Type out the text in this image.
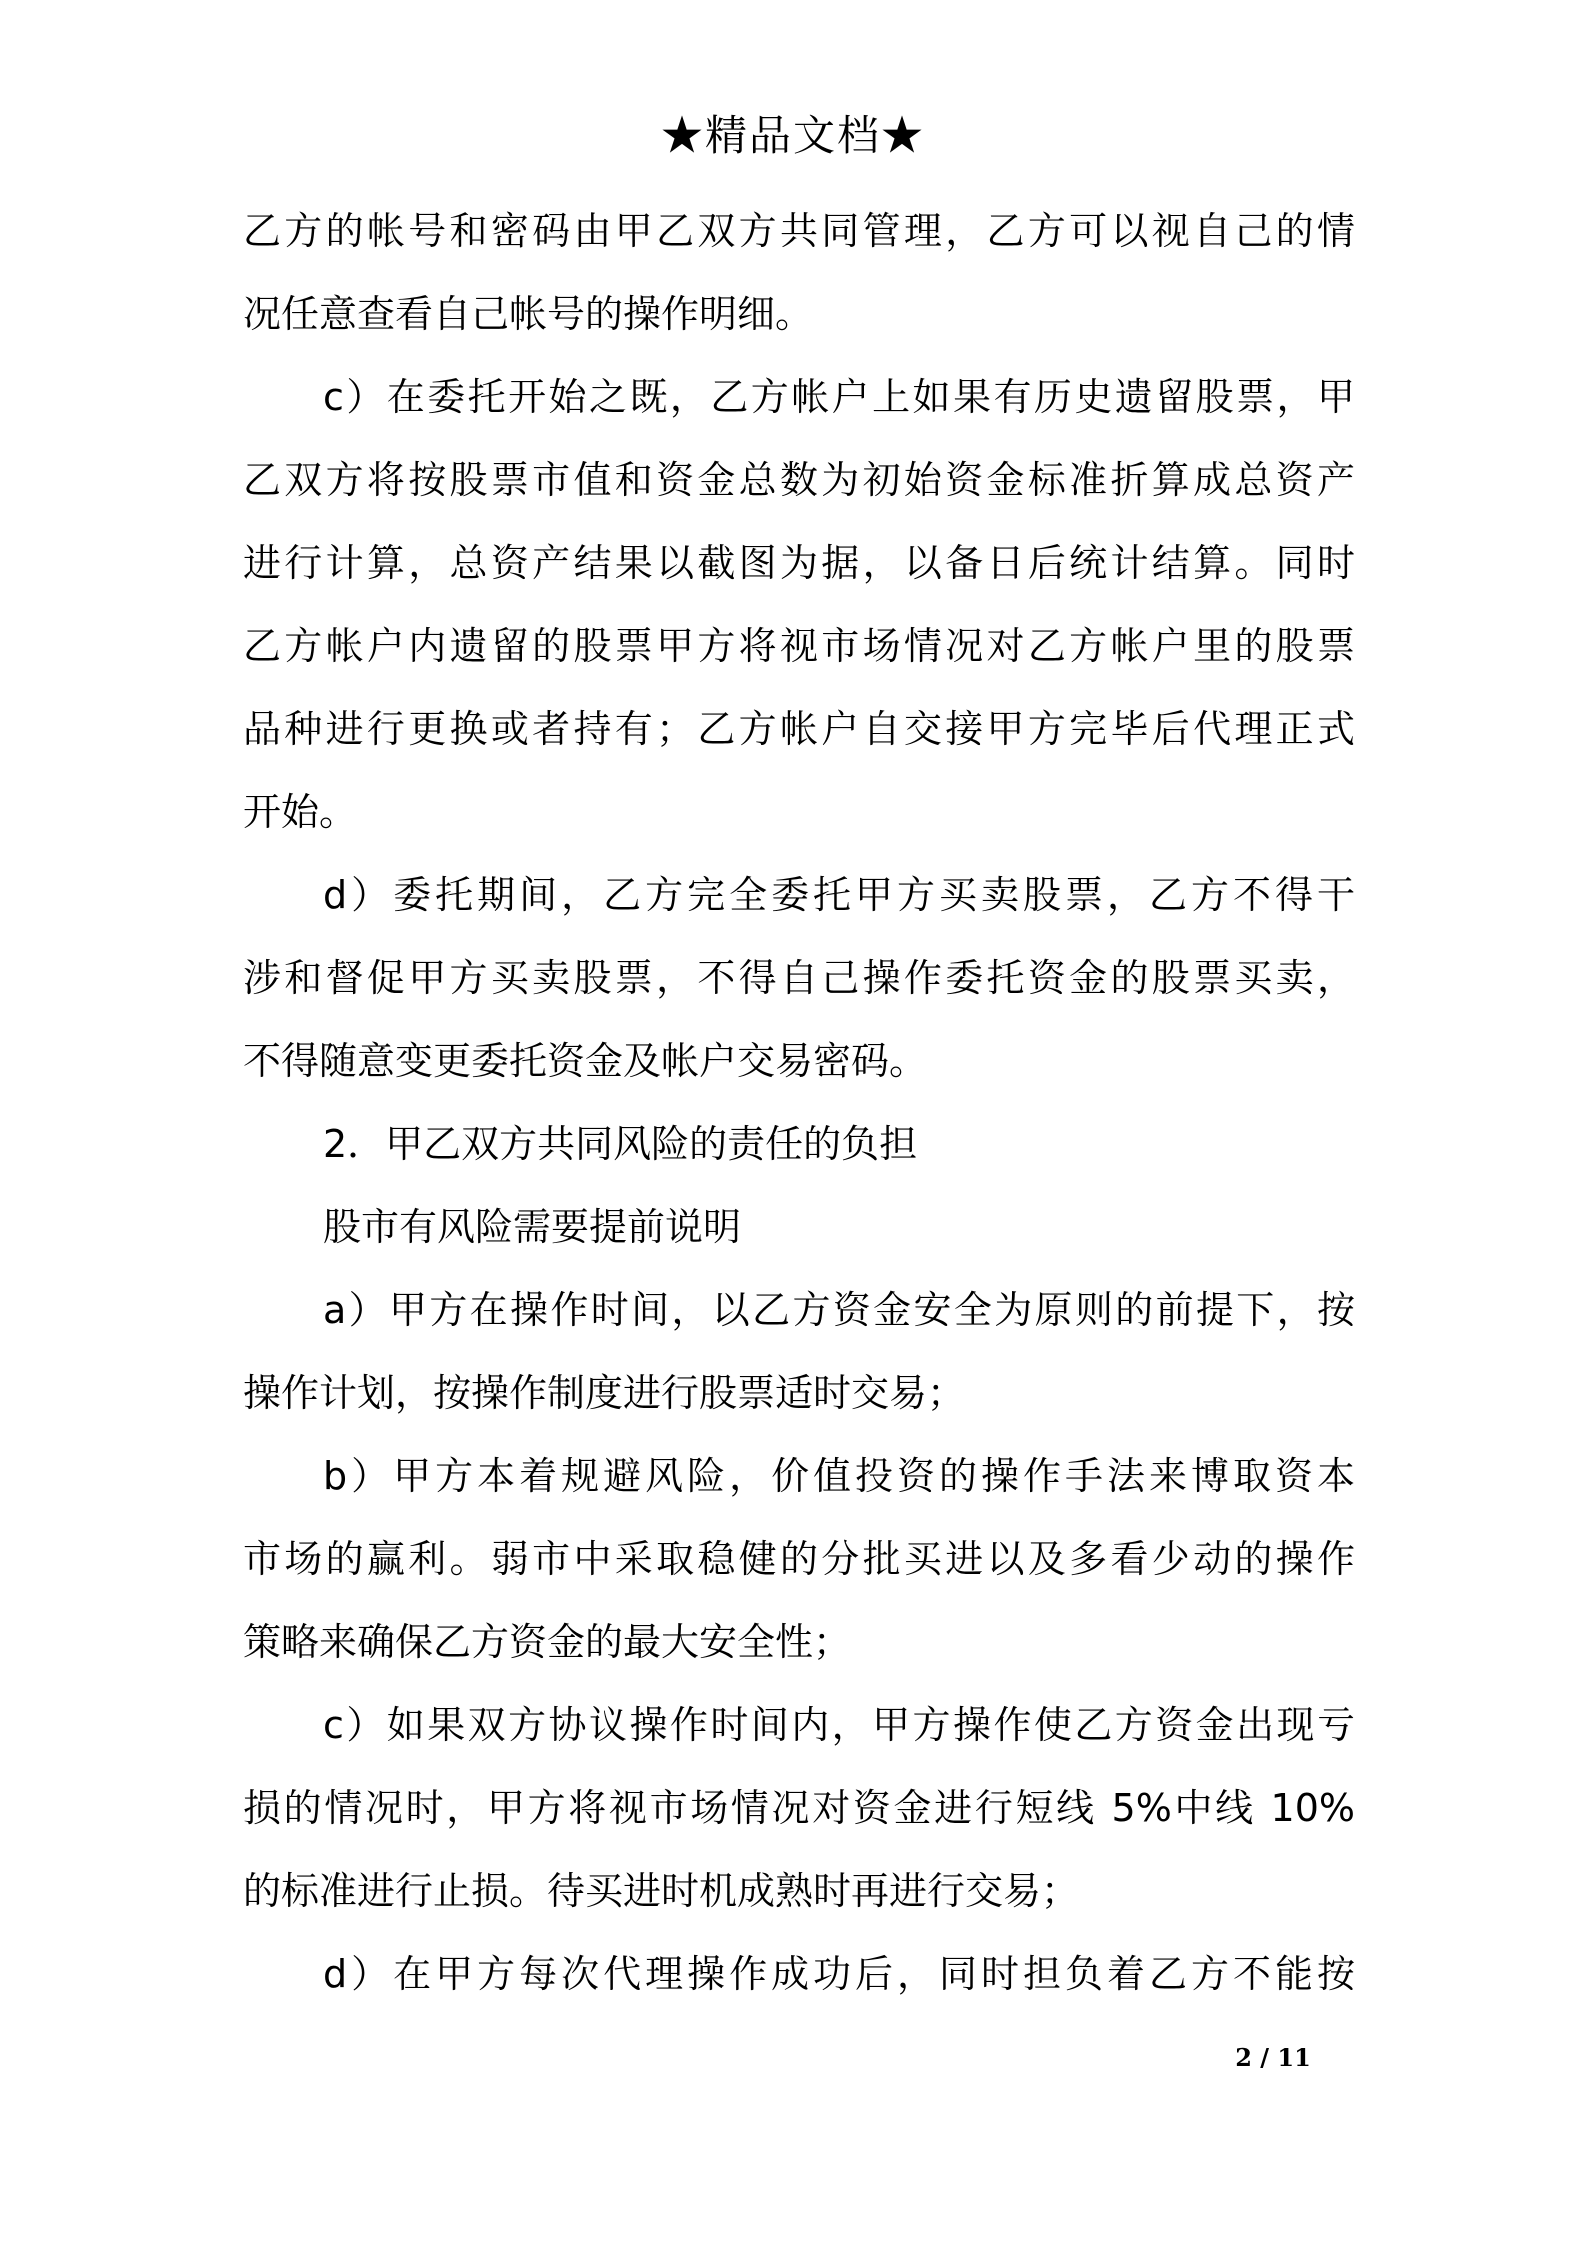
★精品文档★
乙方的帐号和密码由甲乙双方共同管理，乙方可以视自己的情
况任意查看自己帐号的操作明细。
c）在委托开始之既，乙方帐户上如果有历史遗留股票，甲
乙双方将按股票市值和资金总数为初始资金标准折算成总资产
进行计算，总资产结果以截图为据，以备日后统计结算。同时
乙方帐户内遗留的股票甲方将视市场情况对乙方帐户里的股票
品种进行更换或者持有；乙方帐户自交接甲方完毕后代理正式
开始。
d）委托期间，乙方完全委托甲方买卖股票，乙方不得干
涉和督促甲方买卖股票，不得自己操作委托资金的股票买卖，
不得随意变更委托资金及帐户交易密码。
2．甲乙双方共同风险的责任的负担
股市有风险需要提前说明
a）甲方在操作时间，以乙方资金安全为原则的前提下，按
操作计划，按操作制度进行股票适时交易；
b）甲方本着规避风险，价值投资的操作手法来博取资本
市场的赢利。弱市中采取稳健的分批买进以及多看少动的操作
策略来确保乙方资金的最大安全性；
c）如果双方协议操作时间内，甲方操作使乙方资金出现亏
损的情况时，甲方将视市场情况对资金进行短线 5%中线 10%
的标准进行止损。待买进时机成熟时再进行交易；
d）在甲方每次代理操作成功后，同时担负着乙方不能按
2 / 11
